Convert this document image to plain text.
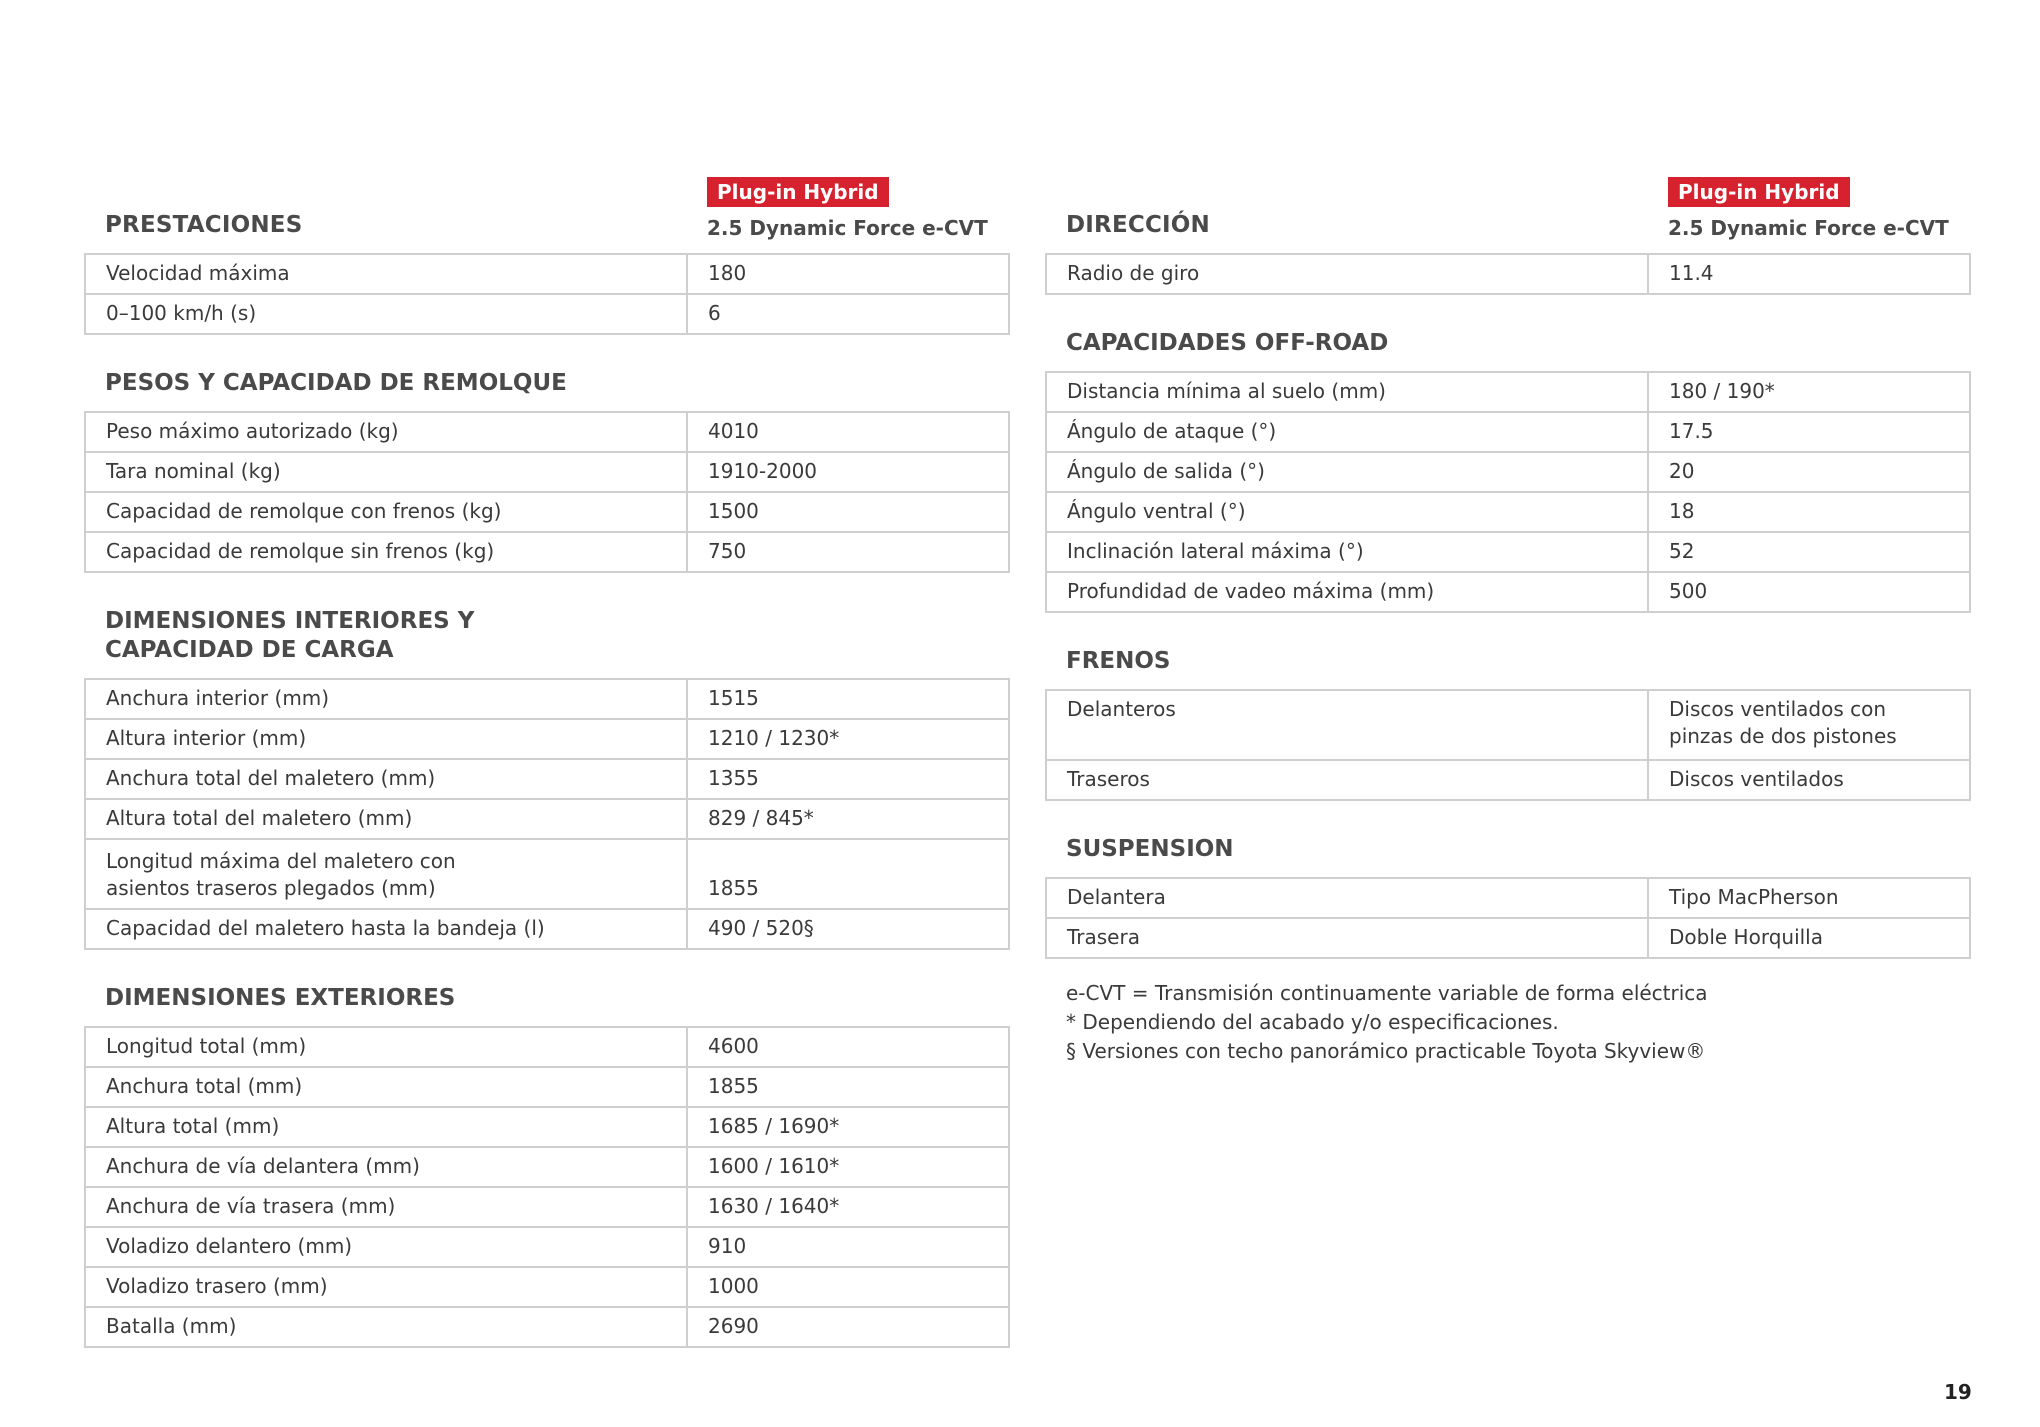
Plug-in Hybrid
PRESTACIONES	2.5 Dynamic Force e-CVT
Velocidad máxima	180
0–100 km/h (s)	6
PESOS Y CAPACIDAD DE REMOLQUE
Peso máximo autorizado (kg)	4010
Tara nominal (kg)	1910-2000
Capacidad de remolque con frenos (kg)	1500
Capacidad de remolque sin frenos (kg)	750
DIMENSIONES INTERIORES Y
CAPACIDAD DE CARGA
Anchura interior (mm)	1515
Altura interior (mm)	1210 / 1230*
Anchura total del maletero (mm)	1355
Altura total del maletero (mm)	829 / 845*
Longitud máxima del maletero con
asientos traseros plegados (mm)	1855
Capacidad del maletero hasta la bandeja (l)	490 / 520§
DIMENSIONES EXTERIORES
Longitud total (mm)	4600
Anchura total (mm)	1855
Altura total (mm)	1685 / 1690*
Anchura de vía delantera (mm)	1600 / 1610*
Anchura de vía trasera (mm)	1630 / 1640*
Voladizo delantero (mm)	910
Voladizo trasero (mm)	1000
Batalla (mm)	2690
Plug-in Hybrid
DIRECCIÓN	2.5 Dynamic Force e-CVT
Radio de giro	11.4
CAPACIDADES OFF-ROAD
Distancia mínima al suelo (mm)	180 / 190*
Ángulo de ataque (°)	17.5
Ángulo de salida (°)	20
Ángulo ventral (°)	18
Inclinación lateral máxima (°)	52
Profundidad de vadeo máxima (mm)	500
FRENOS
Delanteros	Discos ventilados con
pinzas de dos pistones
Traseros	Discos ventilados
SUSPENSION
Delantera	Tipo MacPherson
Trasera	Doble Horquilla
e-CVT = Transmisión continuamente variable de forma eléctrica
* Dependiendo del acabado y/o especificaciones.
§ Versiones con techo panorámico practicable Toyota Skyview®
19
